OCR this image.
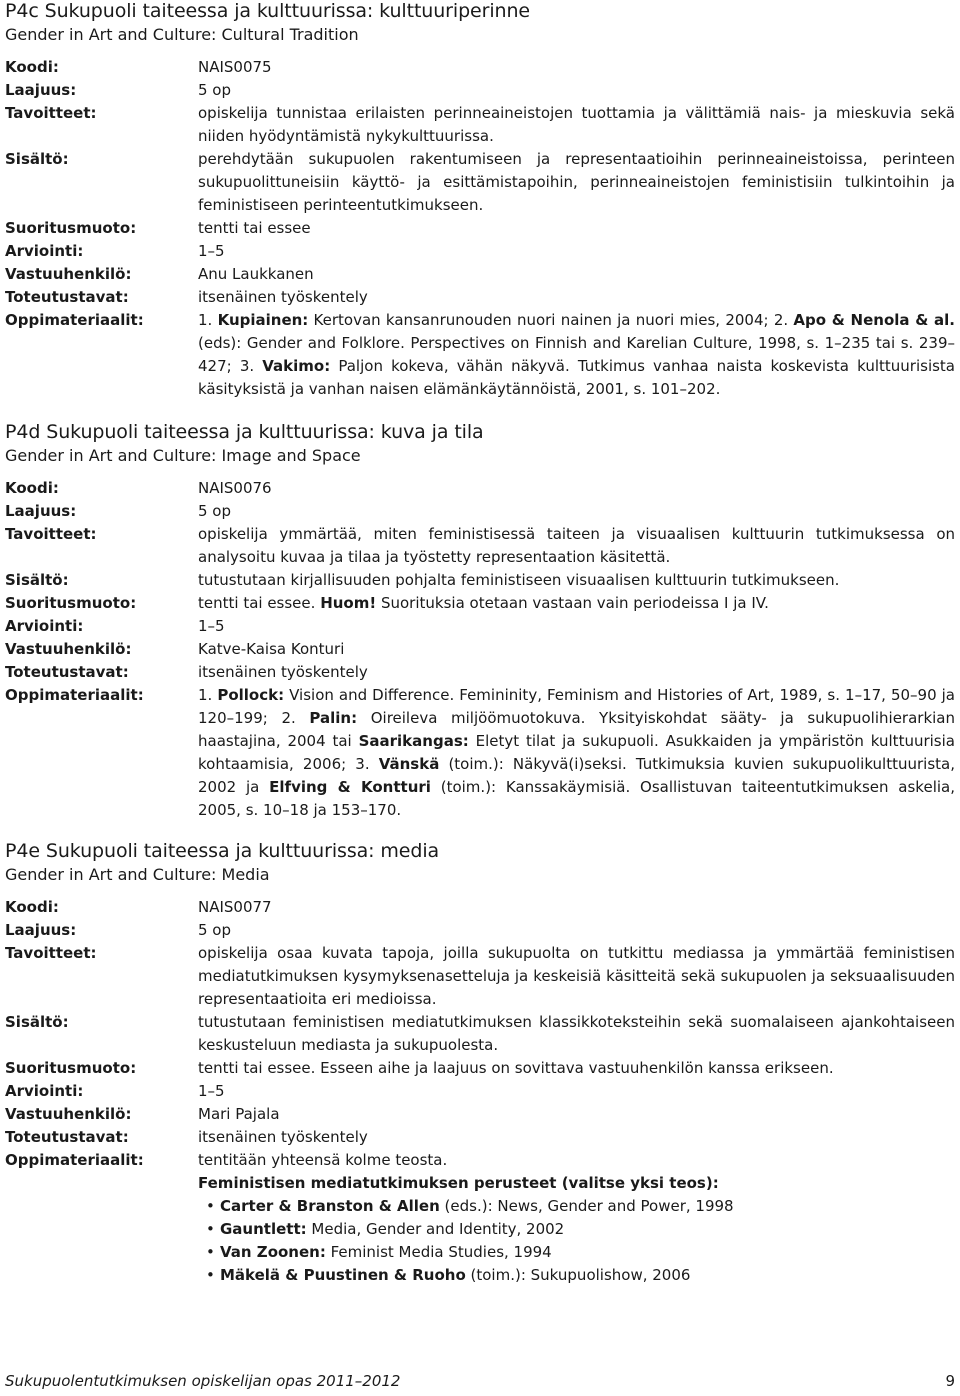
P4c Sukupuoli taiteessa ja kulttuurissa: kulttuuriperinne
Gender in Art and Culture: Cultural Tradition
Koodi:	NAIS0075
Laajuus:	5 op
Tavoitteet:	opiskelija tunnistaa erilaisten perinneaineistojen tuottamia ja välittämiä nais- ja mieskuvia sekä niiden hyödyntämistä nykykulttuurissa.
Sisältö:	perehdytään sukupuolen rakentumiseen ja representaatioihin perinneaineistoissa, perinteen sukupuolittuneisiin käyttö- ja esittämistapoihin, perinneaineistojen feministisiin tulkintoihin ja feministiseen perinteentutkimukseen.
Suoritusmuoto:	tentti tai essee
Arviointi:	1–5
Vastuuhenkilö:	Anu Laukkanen
Toteutustavat:	itsenäinen työskentely
Oppimateriaalit:	1. Kupiainen: Kertovan kansanrunouden nuori nainen ja nuori mies, 2004; 2. Apo & Nenola & al. (eds): Gender and Folklore. Perspectives on Finnish and Karelian Culture, 1998, s. 1–235 tai s. 239–427; 3. Vakimo: Paljon kokeva, vähän näkyvä. Tutkimus vanhaa naista koskevista kulttuurisista käsityksistä ja vanhan naisen elämänkäytännöistä, 2001, s. 101–202.
P4d Sukupuoli taiteessa ja kulttuurissa: kuva ja tila
Gender in Art and Culture: Image and Space
Koodi:	NAIS0076
Laajuus:	5 op
Tavoitteet:	opiskelija ymmärtää, miten feministisessä taiteen ja visuaalisen kulttuurin tutkimuksessa on analysoitu kuvaa ja tilaa ja työstetty representaation käsitettä.
Sisältö:	tutustutaan kirjallisuuden pohjalta feministiseen visuaalisen kulttuurin tutkimukseen.
Suoritusmuoto:	tentti tai essee. Huom! Suorituksia otetaan vastaan vain periodeissa I ja IV.
Arviointi:	1–5
Vastuuhenkilö:	Katve-Kaisa Konturi
Toteutustavat:	itsenäinen työskentely
Oppimateriaalit:	1. Pollock: Vision and Difference. Femininity, Feminism and Histories of Art, 1989, s. 1–17, 50–90 ja 120–199; 2. Palin: Oireileva miljöömuotokuva. Yksityiskohdat sääty- ja sukupuolihierarkian haastajina, 2004 tai Saarikangas: Eletyt tilat ja sukupuoli. Asukkaiden ja ympäristön kulttuurisia kohtaamisia, 2006; 3. Vänskä (toim.): Näkyvä(i)seksi. Tutkimuksia kuvien sukupuolikulttuurista, 2002 ja Elfving & Kontturi (toim.): Kanssakäymisiä. Osallistuvan taiteentutkimuksen askelia, 2005, s. 10–18 ja 153–170.
P4e Sukupuoli taiteessa ja kulttuurissa: media
Gender in Art and Culture: Media
Koodi:	NAIS0077
Laajuus:	5 op
Tavoitteet:	opiskelija osaa kuvata tapoja, joilla sukupuolta on tutkittu mediassa ja ymmärtää feministisen mediatutkimuksen kysymyksenasetteluja ja keskeisiä käsitteitä sekä sukupuolen ja seksuaalisuuden representaatioita eri medioissa.
Sisältö:	tutustutaan feministisen mediatutkimuksen klassikkoteksteihin sekä suomalaiseen ajankohtaiseen keskusteluun mediasta ja sukupuolesta.
Suoritusmuoto:	tentti tai essee. Esseen aihe ja laajuus on sovittava vastuuhenkilön kanssa erikseen.
Arviointi:	1–5
Vastuuhenkilö:	Mari Pajala
Toteutustavat:	itsenäinen työskentely
Oppimateriaalit:	tentitään yhteensä kolme teosta.
Feministisen mediatutkimuksen perusteet (valitse yksi teos):
• Carter & Branston & Allen (eds.): News, Gender and Power, 1998
• Gauntlett: Media, Gender and Identity, 2002
• Van Zoonen: Feminist Media Studies, 1994
• Mäkelä & Puustinen & Ruoho (toim.): Sukupuolishow, 2006
Sukupuolentutkimuksen opiskelijan opas 2011–2012	9
